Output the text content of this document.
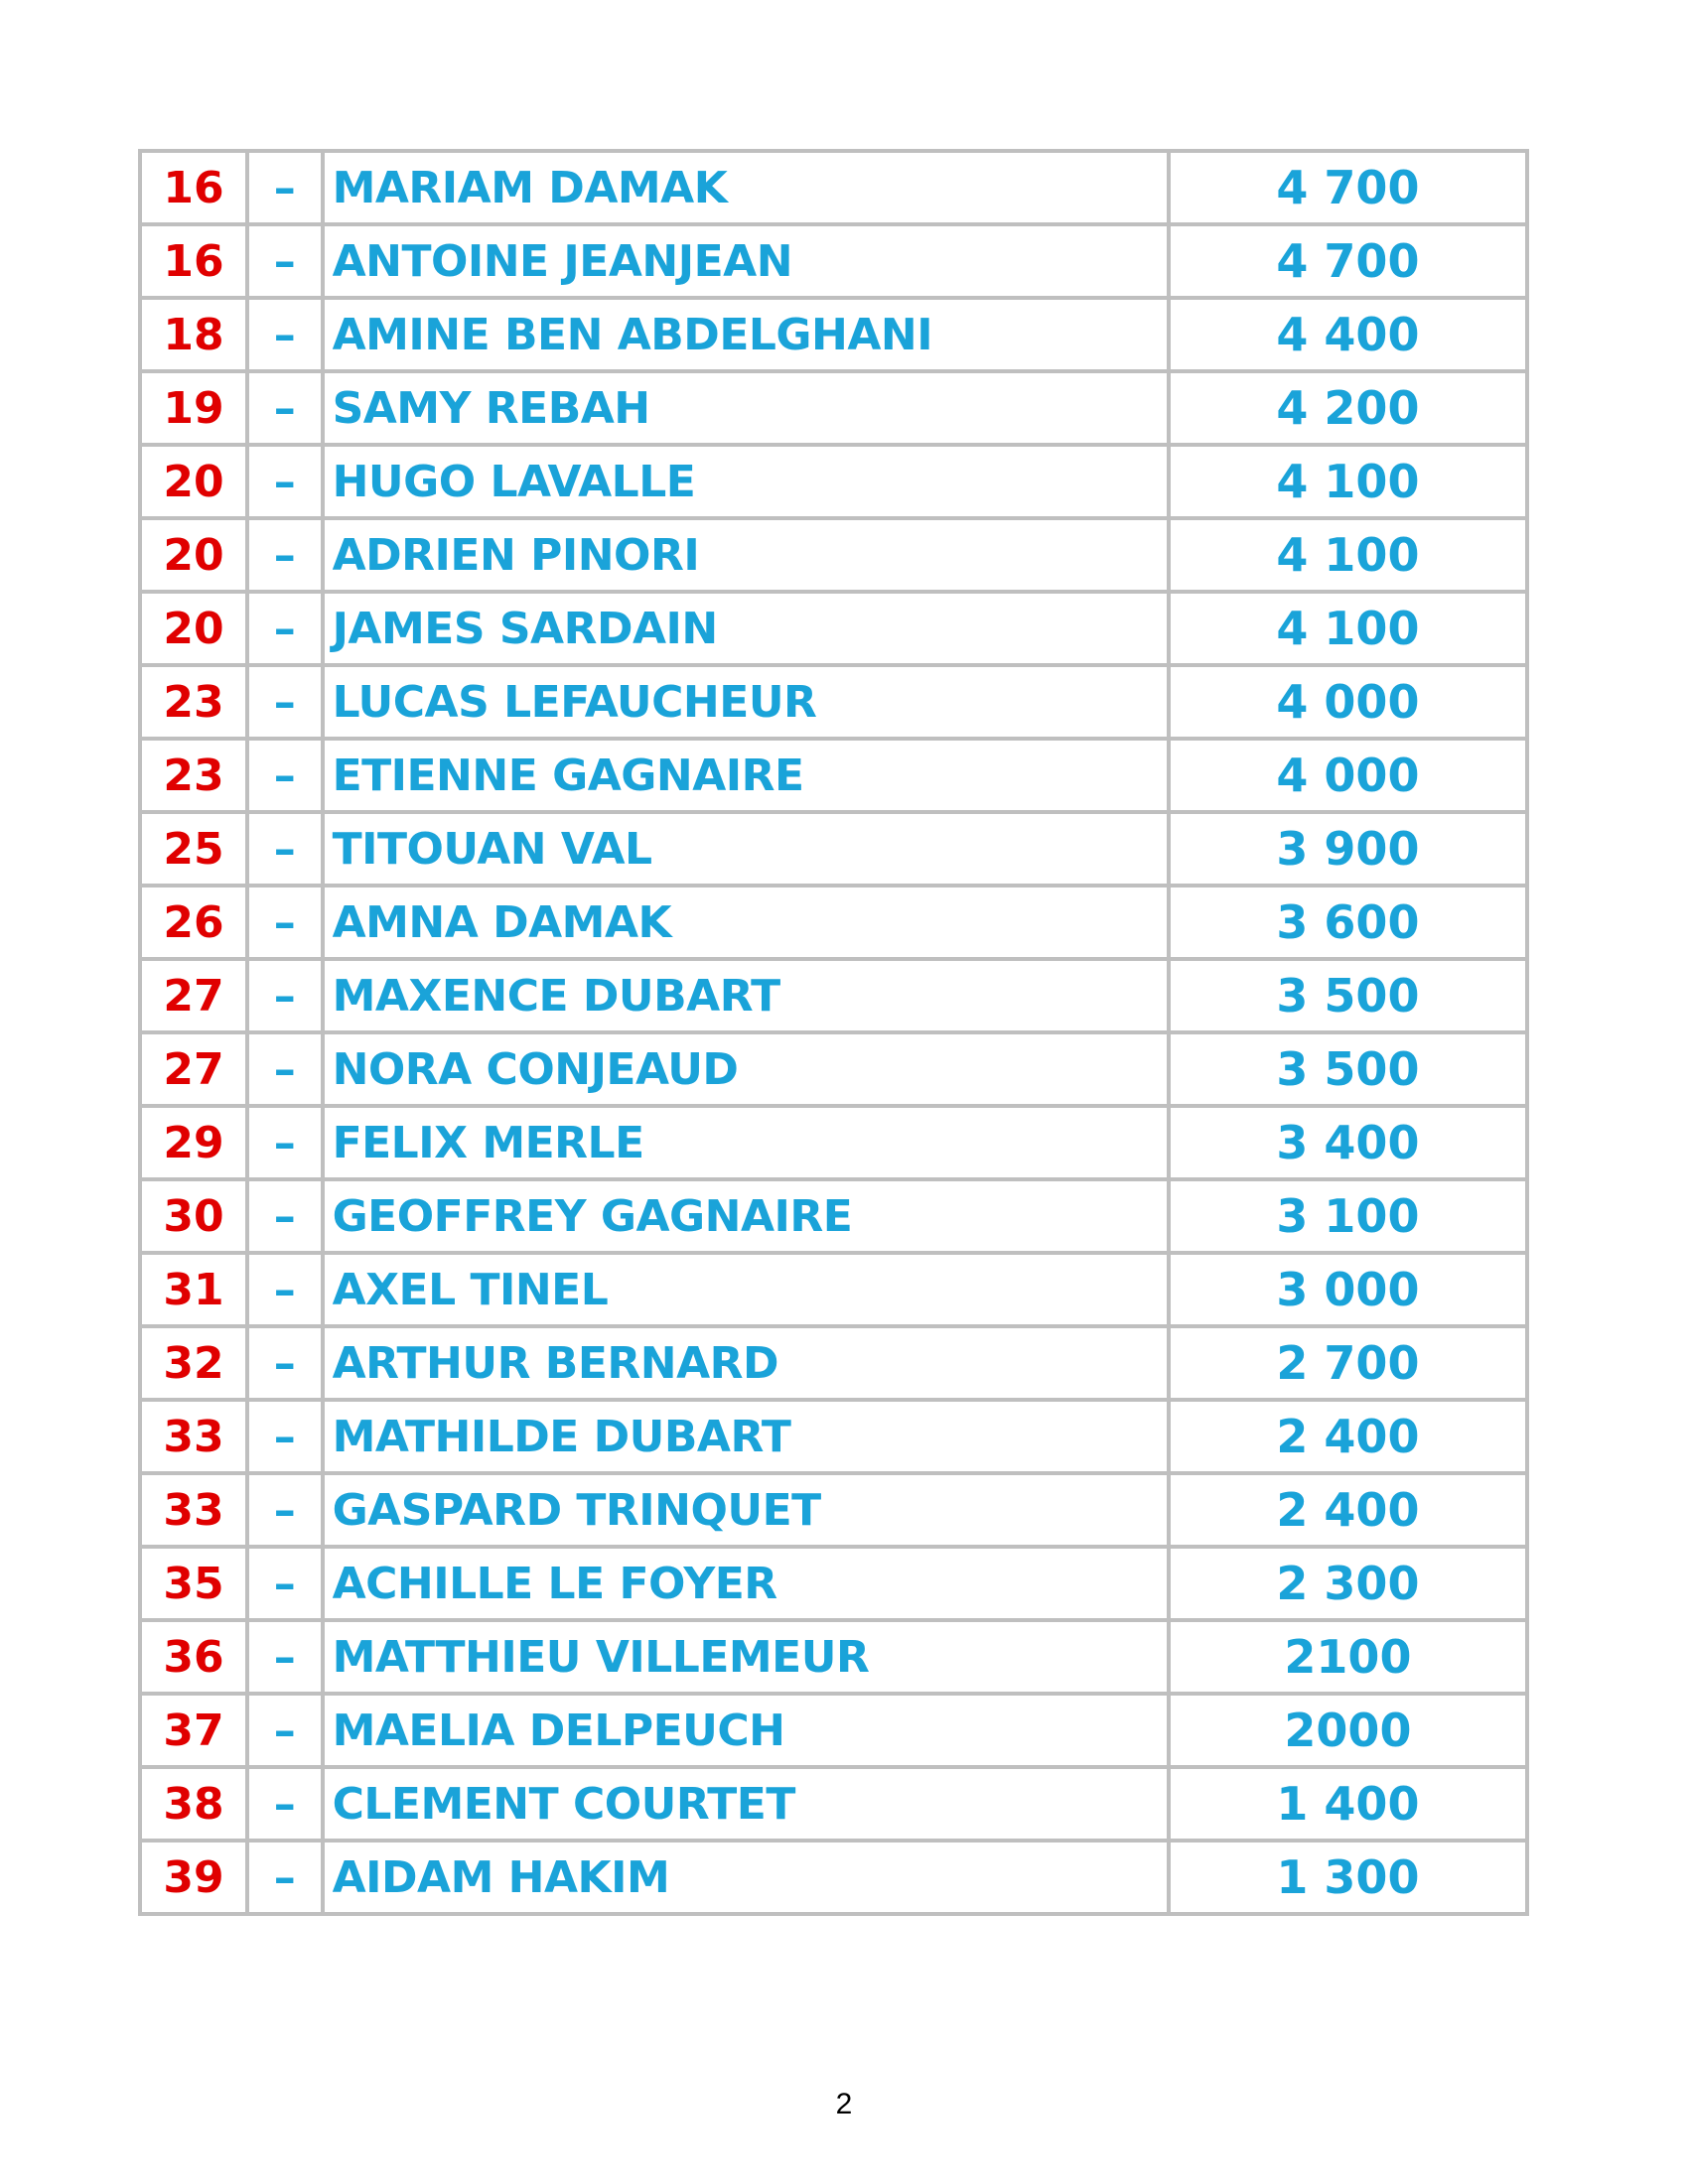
16	–	MARIAM DAMAK	4 700
16	–	ANTOINE JEANJEAN	4 700
18	–	AMINE BEN ABDELGHANI	4 400
19	–	SAMY REBAH	4 200
20	–	HUGO LAVALLE	4 100
20	–	ADRIEN PINORI	4 100
20	–	JAMES SARDAIN	4 100
23	–	LUCAS LEFAUCHEUR	4 000
23	–	ETIENNE GAGNAIRE	4 000
25	–	TITOUAN VAL	3 900
26	–	AMNA DAMAK	3 600
27	–	MAXENCE DUBART	3 500
27	–	NORA CONJEAUD	3 500
29	–	FELIX MERLE	3 400
30	–	GEOFFREY GAGNAIRE	3 100
31	–	AXEL TINEL	3 000
32	–	ARTHUR BERNARD	2 700
33	–	MATHILDE DUBART	2 400
33	–	GASPARD TRINQUET	2 400
35	–	ACHILLE LE FOYER	2 300
36	–	MATTHIEU VILLEMEUR	2100
37	–	MAELIA DELPEUCH	2000
38	–	CLEMENT COURTET	1 400
39	–	AIDAM HAKIM	1 300
2
